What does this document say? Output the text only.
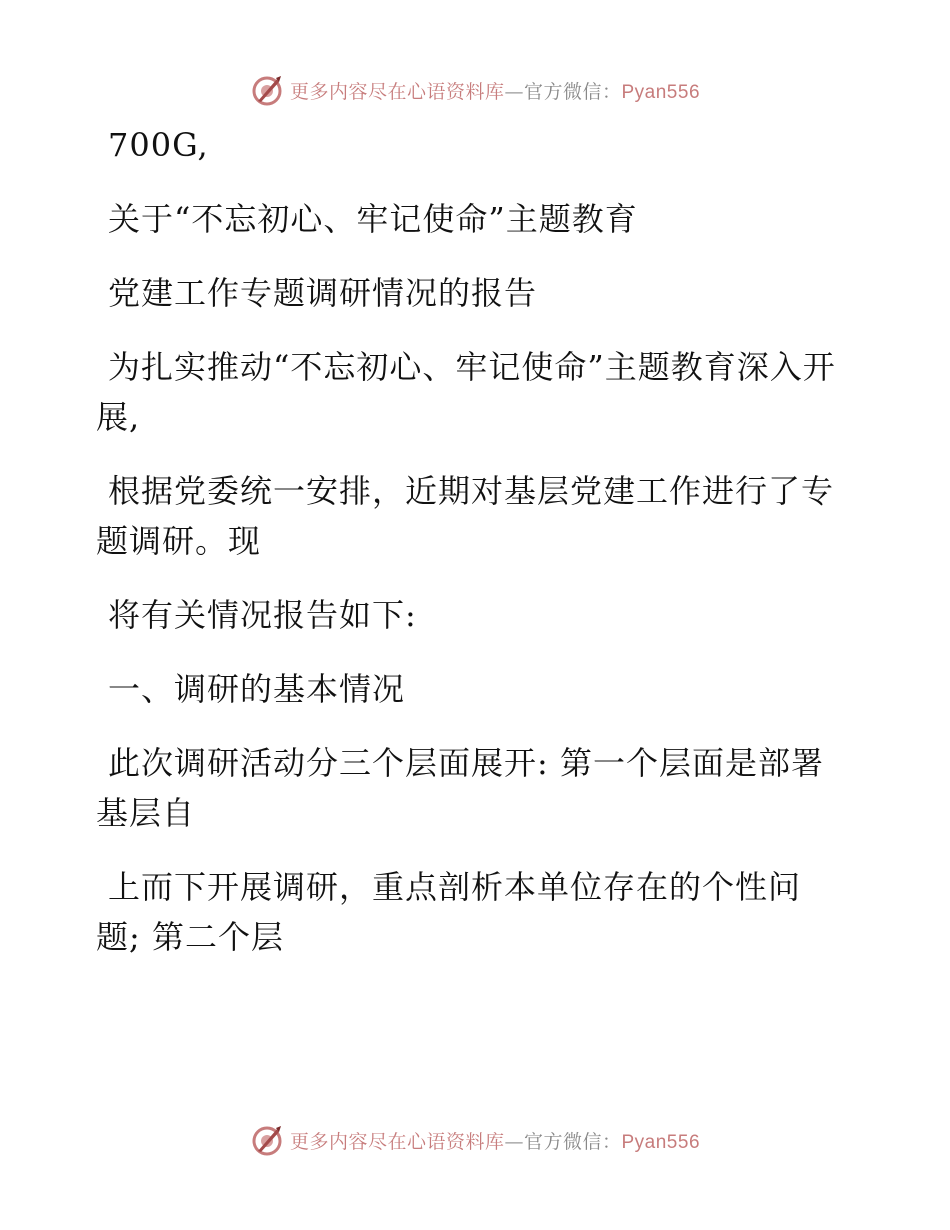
更多内容尽在心语资料库—官方微信：Pyan556

700G,

关于“不忘初心、牢记使命”主题教育

党建工作专题调研情况的报告

为扎实推动“不忘初心、牢记使命”主题教育深入开展,

根据党委统一安排，近期对基层党建工作进行了专题调研。现

将有关情况报告如下:

一、调研的基本情况

此次调研活动分三个层面展开: 第一个层面是部署基层自

上而下开展调研，重点剖析本单位存在的个性问题; 第二个层

更多内容尽在心语资料库—官方微信：Pyan556
